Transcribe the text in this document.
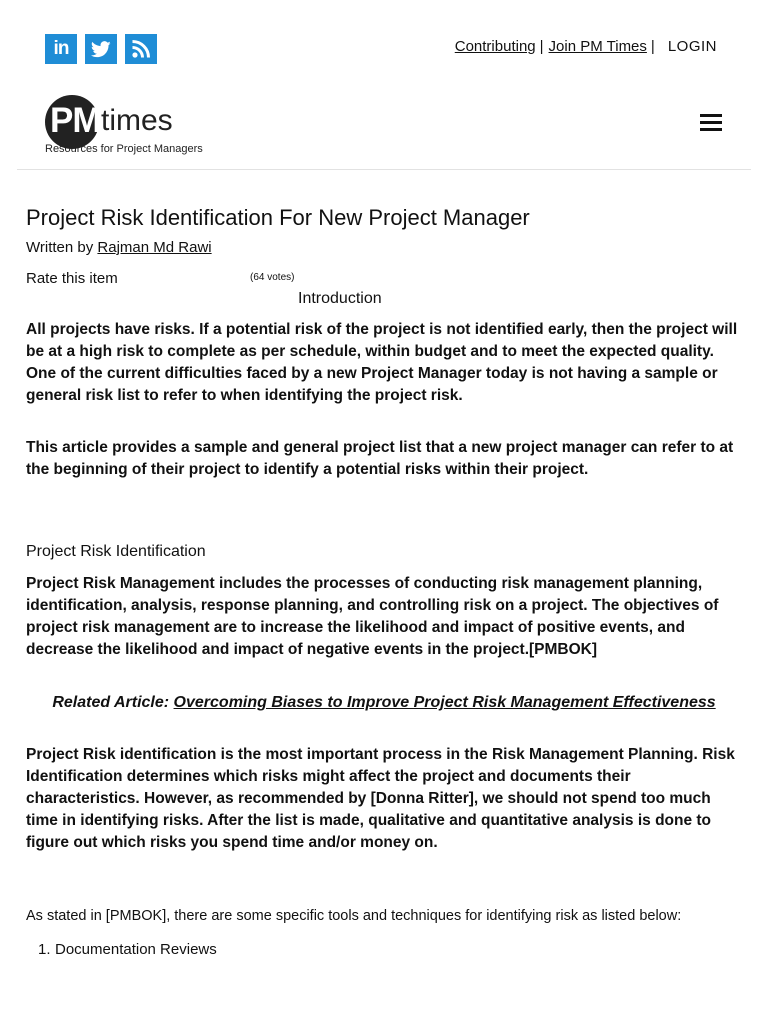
in	Contributing | Join PM Times | LOGIN
PM times
Resources for Project Managers
Project Risk Identification For New Project Manager
Written by Rajman Md Rawi
Rate this item	(64 votes)
Introduction

All projects have risks. If a potential risk of the project is not identified early, then the project will be at a high risk to complete as per schedule, within budget and to meet the expected quality. One of the current difficulties faced by a new Project Manager today is not having a sample or general risk list to refer to when identifying the project risk.

This article provides a sample and general project list that a new project manager can refer to at the beginning of their project to identify a potential risks within their project.

Project Risk Identification

Project Risk Management includes the processes of conducting risk management planning, identification, analysis, response planning, and controlling risk on a project. The objectives of project risk management are to increase the likelihood and impact of positive events, and decrease the likelihood and impact of negative events in the project.[PMBOK]

Related Article: Overcoming Biases to Improve Project Risk Management Effectiveness

Project Risk identification is the most important process in the Risk Management Planning. Risk Identification determines which risks might affect the project and documents their characteristics. However, as recommended by [Donna Ritter], we should not spend too much time in identifying risks. After the list is made, qualitative and quantitative analysis is done to figure out which risks you spend time and/or money on.

As stated in [PMBOK], there are some specific tools and techniques for identifying risk as listed below:
1. Documentation Reviews
